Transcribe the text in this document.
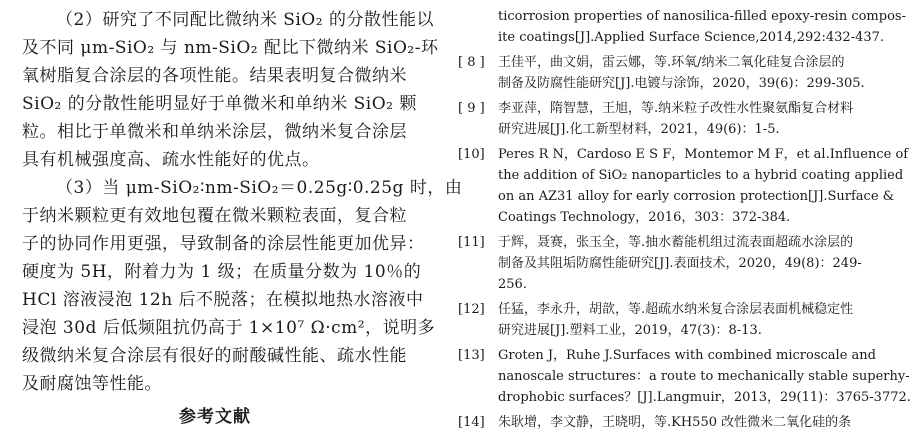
（2）研究了不同配比微纳米 SiO₂ 的分散性能以
及不同 μm-SiO₂ 与 nm-SiO₂ 配比下微纳米 SiO₂-环
氧树脂复合涂层的各项性能。结果表明复合微纳米
SiO₂ 的分散性能明显好于单微米和单纳米 SiO₂ 颗
粒。相比于单微米和单纳米涂层，微纳米复合涂层
具有机械强度高、疏水性能好的优点。

（3）当 μm-SiO₂∶nm-SiO₂＝0.25g∶0.25g 时，由
于纳米颗粒更有效地包覆在微米颗粒表面，复合粒
子的协同作用更强，导致制备的涂层性能更加优异：
硬度为 5H，附着力为 1 级；在质量分数为 10％的
HCl 溶液浸泡 12h 后不脱落；在模拟地热水溶液中
浸泡 30d 后低频阻抗仍高于 1×10⁷ Ω·cm²，说明多
级微纳米复合涂层有很好的耐酸碱性能、疏水性能
及耐腐蚀等性能。

参考文献
ticorrosion properties of nanosilica-filled epoxy-resin compos-
ite coatings[J].Applied Surface Science,2014,292:432-437.
[ 8 ] 王佳平，曲文娟，雷云娜，等.环氧/纳米二氧化硅复合涂层的
制备及防腐性能研究[J].电镀与涂饰，2020，39(6)：299-305.

[ 9 ] 李亚萍，隋智慧，王旭，等.纳米粒子改性水性聚氨酯复合材料
研究进展[J].化工新型材料，2021，49(6)：1-5.

[10] Peres R N，Cardoso E S F，Montemor M F，et al.Influence of
the addition of SiO₂ nanoparticles to a hybrid coating applied
on an AZ31 alloy for early corrosion protection[J].Surface &
Coatings Technology，2016，303：372-384.

[11] 于辉，聂赛，张玉全，等.抽水蓄能机组过流表面超疏水涂层的
制备及其阻垢防腐性能研究[J].表面技术，2020，49(8)：249-
256.

[12] 任猛，李永升，胡歆，等.超疏水纳米复合涂层表面机械稳定性
研究进展[J].塑料工业，2019，47(3)：8-13.

[13] Groten J，Ruhe J.Surfaces with combined microscale and
nanoscale structures：a route to mechanically stable superhy-
drophobic surfaces？[J].Langmuir，2013，29(11)：3765-3772.

[14] 朱耿增，李文静，王晓明，等.KH550 改性微米二氧化硅的条
